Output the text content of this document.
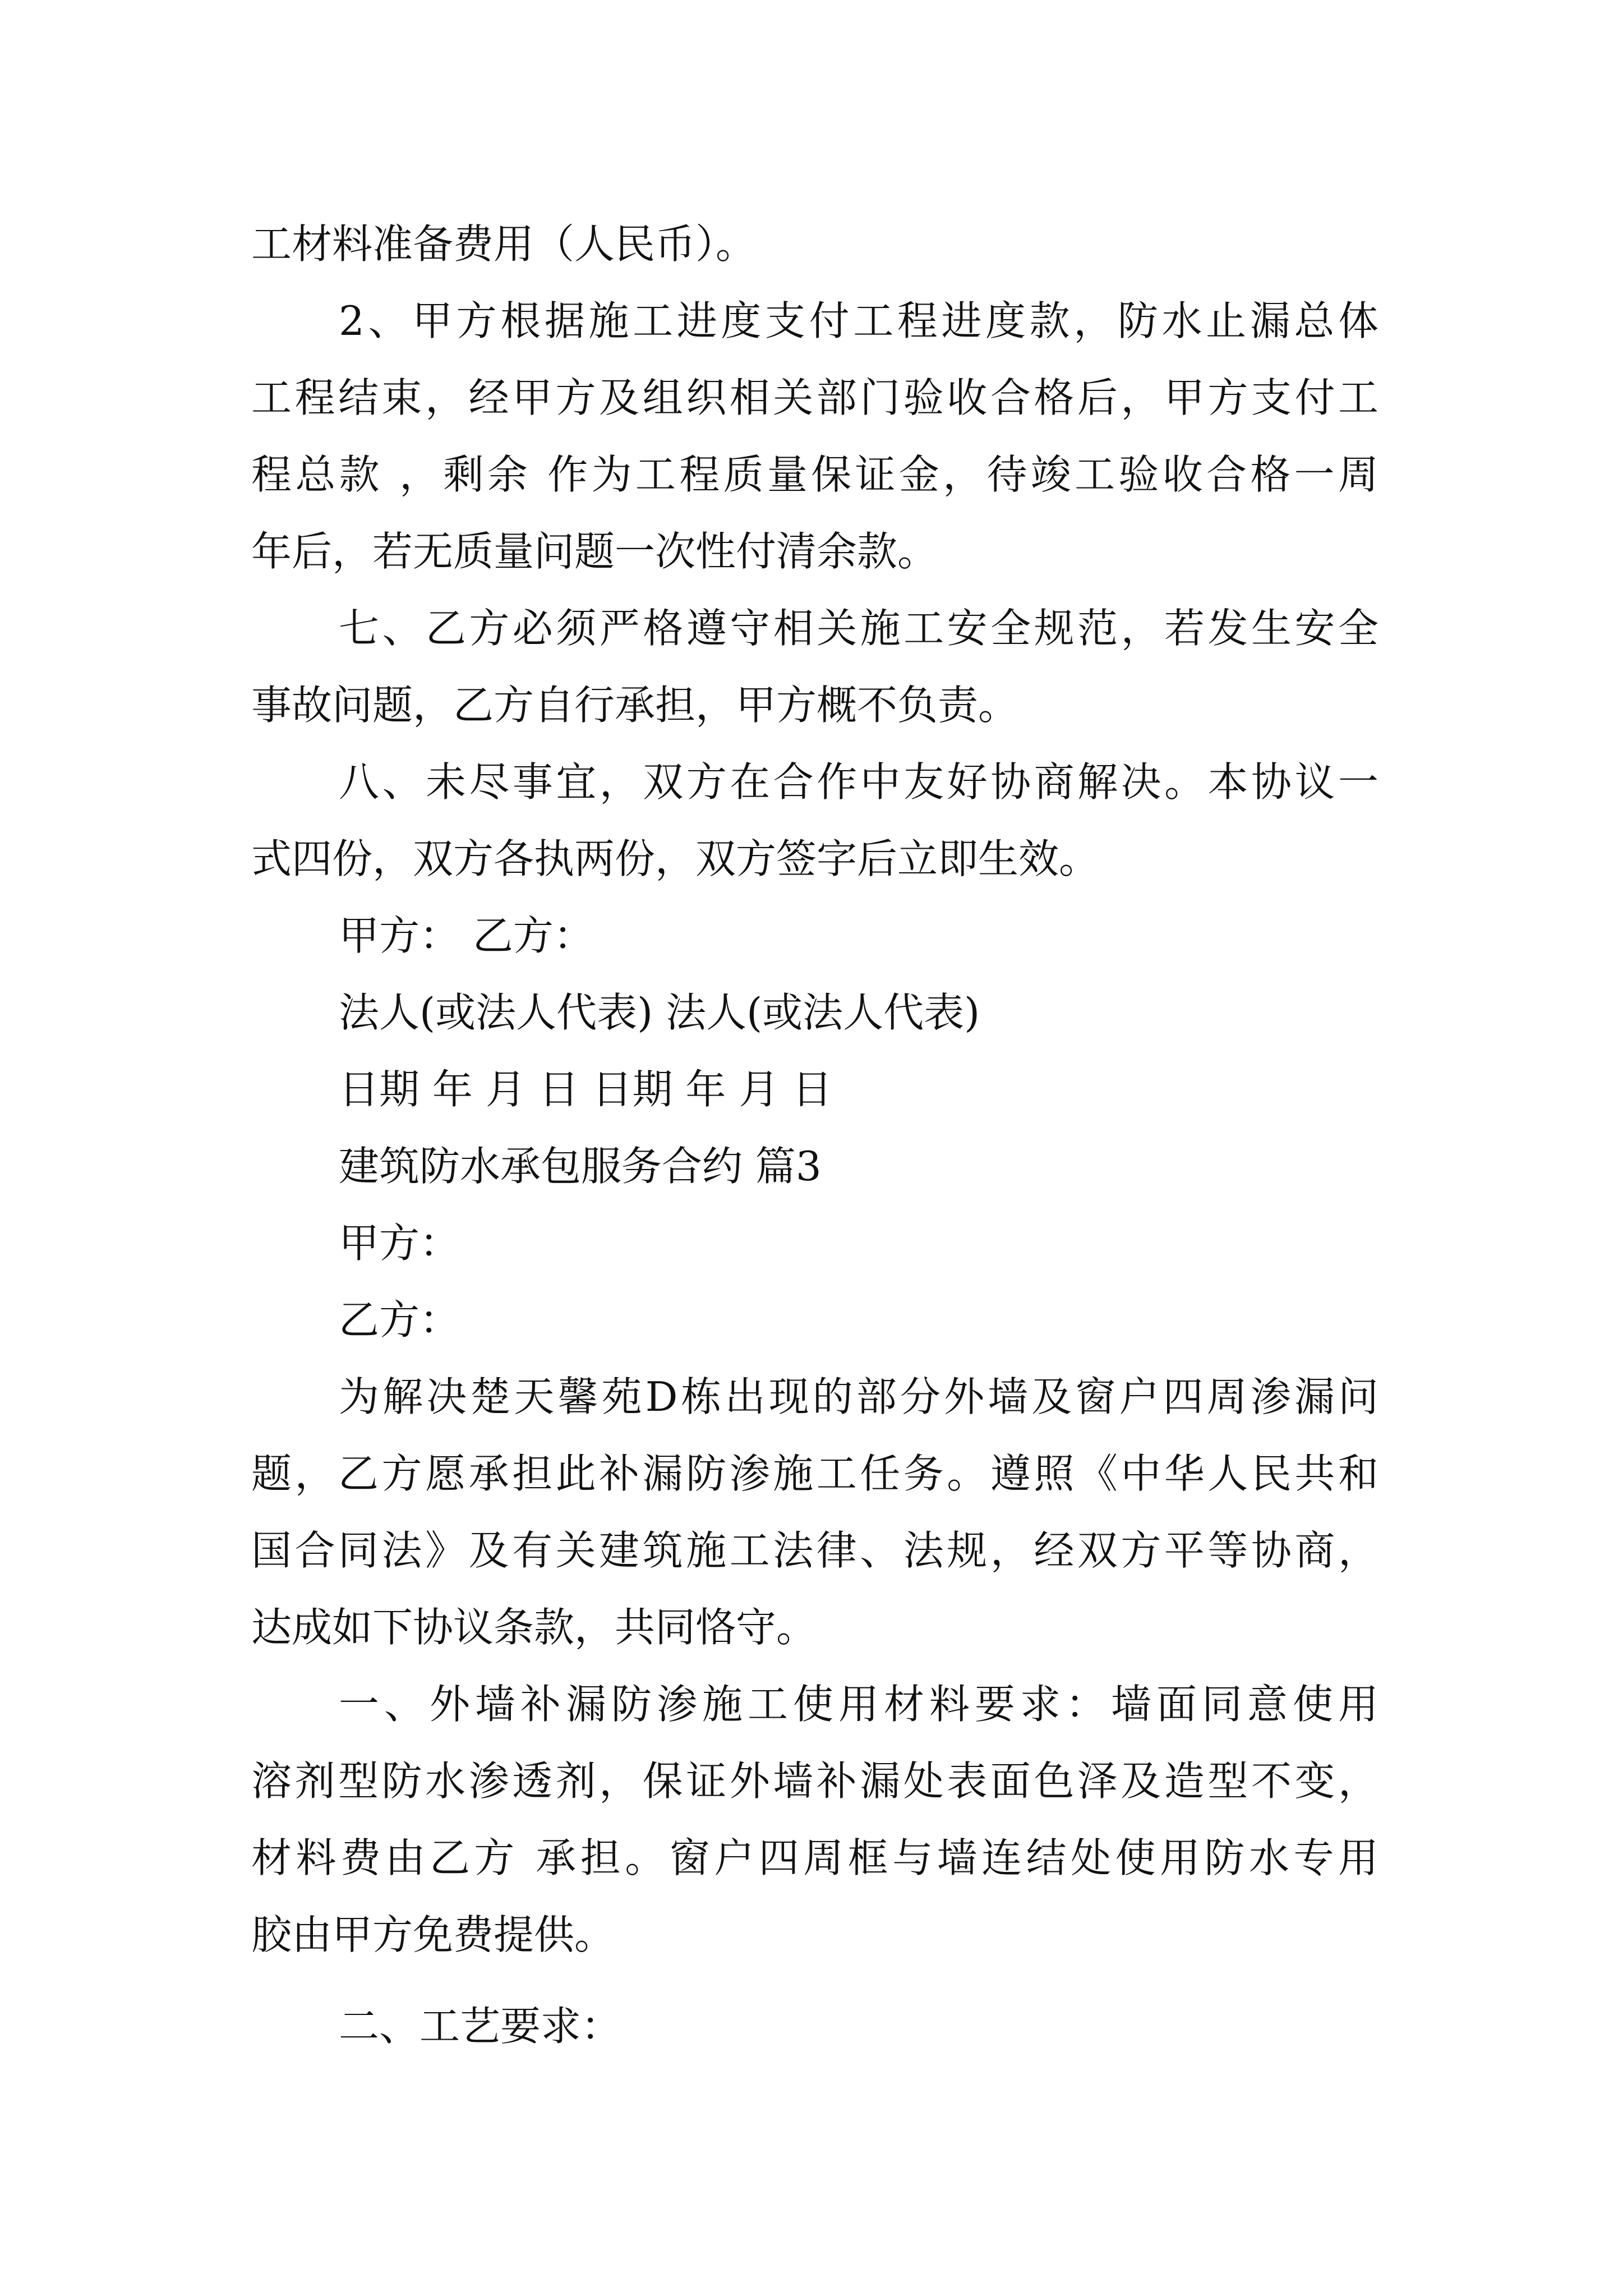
工材料准备费用（人民币）。
2、甲方根据施工进度支付工程进度款，防水止漏总体
工程结束，经甲方及组织相关部门验收合格后，甲方支付工
程总款 ，剩余 作为工程质量保证金，待竣工验收合格一周
年后，若无质量问题一次性付清余款。
七、乙方必须严格遵守相关施工安全规范，若发生安全
事故问题，乙方自行承担，甲方概不负责。
八、未尽事宜，双方在合作中友好协商解决。本协议一
式四份，双方各执两份，双方签字后立即生效。
甲方： 乙方：
法人(或法人代表) 法人(或法人代表)
日期 年 月 日 日期 年 月 日
建筑防水承包服务合约 篇3
甲方：
乙方：
为解决楚天馨苑D栋出现的部分外墙及窗户四周渗漏问
题，乙方愿承担此补漏防渗施工任务。遵照《中华人民共和
国合同法》及有关建筑施工法律、法规，经双方平等协商，
达成如下协议条款，共同恪守。
一、外墙补漏防渗施工使用材料要求：墙面同意使用
溶剂型防水渗透剂，保证外墙补漏处表面色泽及造型不变，
材料费由乙方 承担。窗户四周框与墙连结处使用防水专用
胶由甲方免费提供。
二、工艺要求：
